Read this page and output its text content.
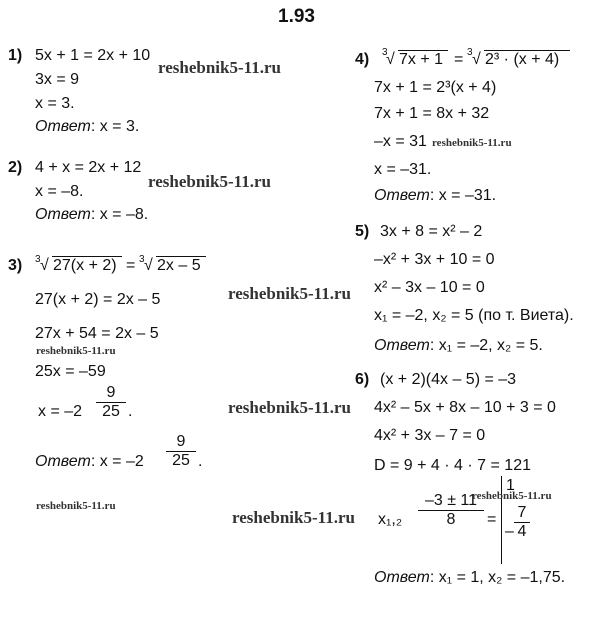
1.93
1) 5x + 1 = 2x + 10
3x = 9
x = 3.
Ответ: x = 3.
2) 4 + x = 2x + 12
x = –8.
Ответ: x = –8.
3) 3 √ 27(x + 2) = 3 √ 2x – 5
27(x + 2) = 2x – 5
27x + 54 = 2x – 5
25x = –59
$x = -2 \frac{9}{25}$ .
Ответ: $x = -2 \frac{9}{25}$ .
4) 3
√ 7x + 1 = 3 √ 2³ · (x + 4)
7x + 1 = 2³(x + 4)
7x + 1 = 8x + 32
–x = 31
x = –31.
Ответ: x = –31.
5) 3x + 8 = x² – 2
–x² + 3x + 10 = 0
x² – 3x – 10 = 0
x₁ = –2, x₂ = 5 (по т. Виета).
Ответ: x₁ = –2, x₂ = 5.
6) (x + 2)(4x – 5) = –3
4x² – 5x + 8x – 10 + 3 = 0
4x² + 3x – 7 = 0
D = 9 + 4 · 4 · 7 = 121
$x_1,_2 \frac{-3 \pm 11}{8}$ =
1
– $\frac{7}{4}$
Ответ: x₁ = 1, x₂ = –1,75.
reshebnik5-11.ru
reshebnik5-11.ru
reshebnik5-11.ru
reshebnik5-11.ru
reshebnik5-11.ru
reshebnik5-11.ru
reshebnik5-11.ru
reshebnik5-11.ru
reshebnik5-11.ru
